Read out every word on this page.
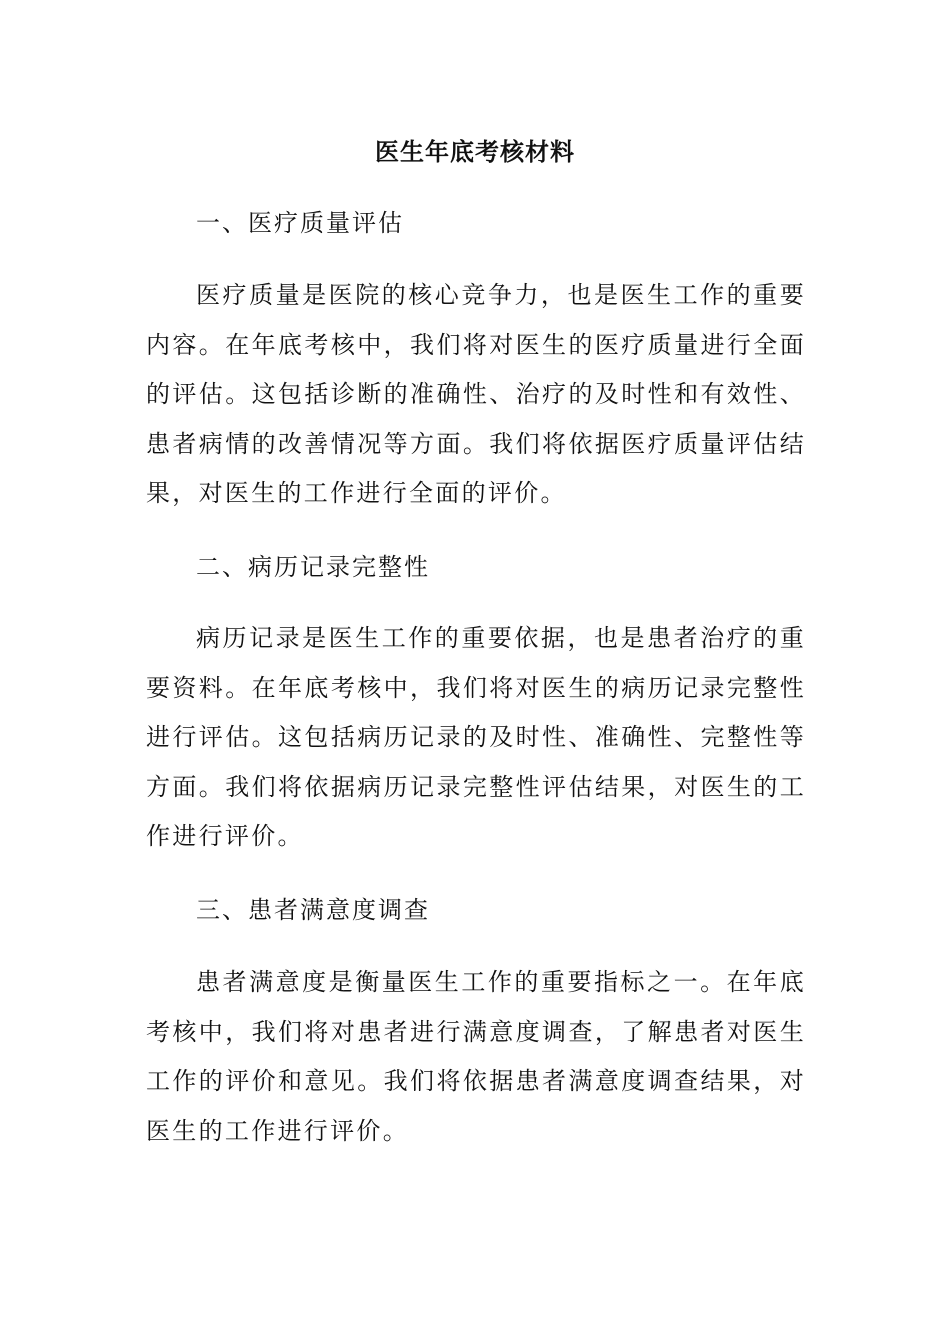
医生年底考核材料
一、医疗质量评估

医疗质量是医院的核心竞争力，也是医生工作的重要内容。在年底考核中，我们将对医生的医疗质量进行全面的评估。这包括诊断的准确性、治疗的及时性和有效性、患者病情的改善情况等方面。我们将依据医疗质量评估结果，对医生的工作进行全面的评价。

二、病历记录完整性

病历记录是医生工作的重要依据，也是患者治疗的重要资料。在年底考核中，我们将对医生的病历记录完整性进行评估。这包括病历记录的及时性、准确性、完整性等方面。我们将依据病历记录完整性评估结果，对医生的工作进行评价。

三、患者满意度调查

患者满意度是衡量医生工作的重要指标之一。在年底考核中，我们将对患者进行满意度调查，了解患者对医生工作的评价和意见。我们将依据患者满意度调查结果，对医生的工作进行评价。
